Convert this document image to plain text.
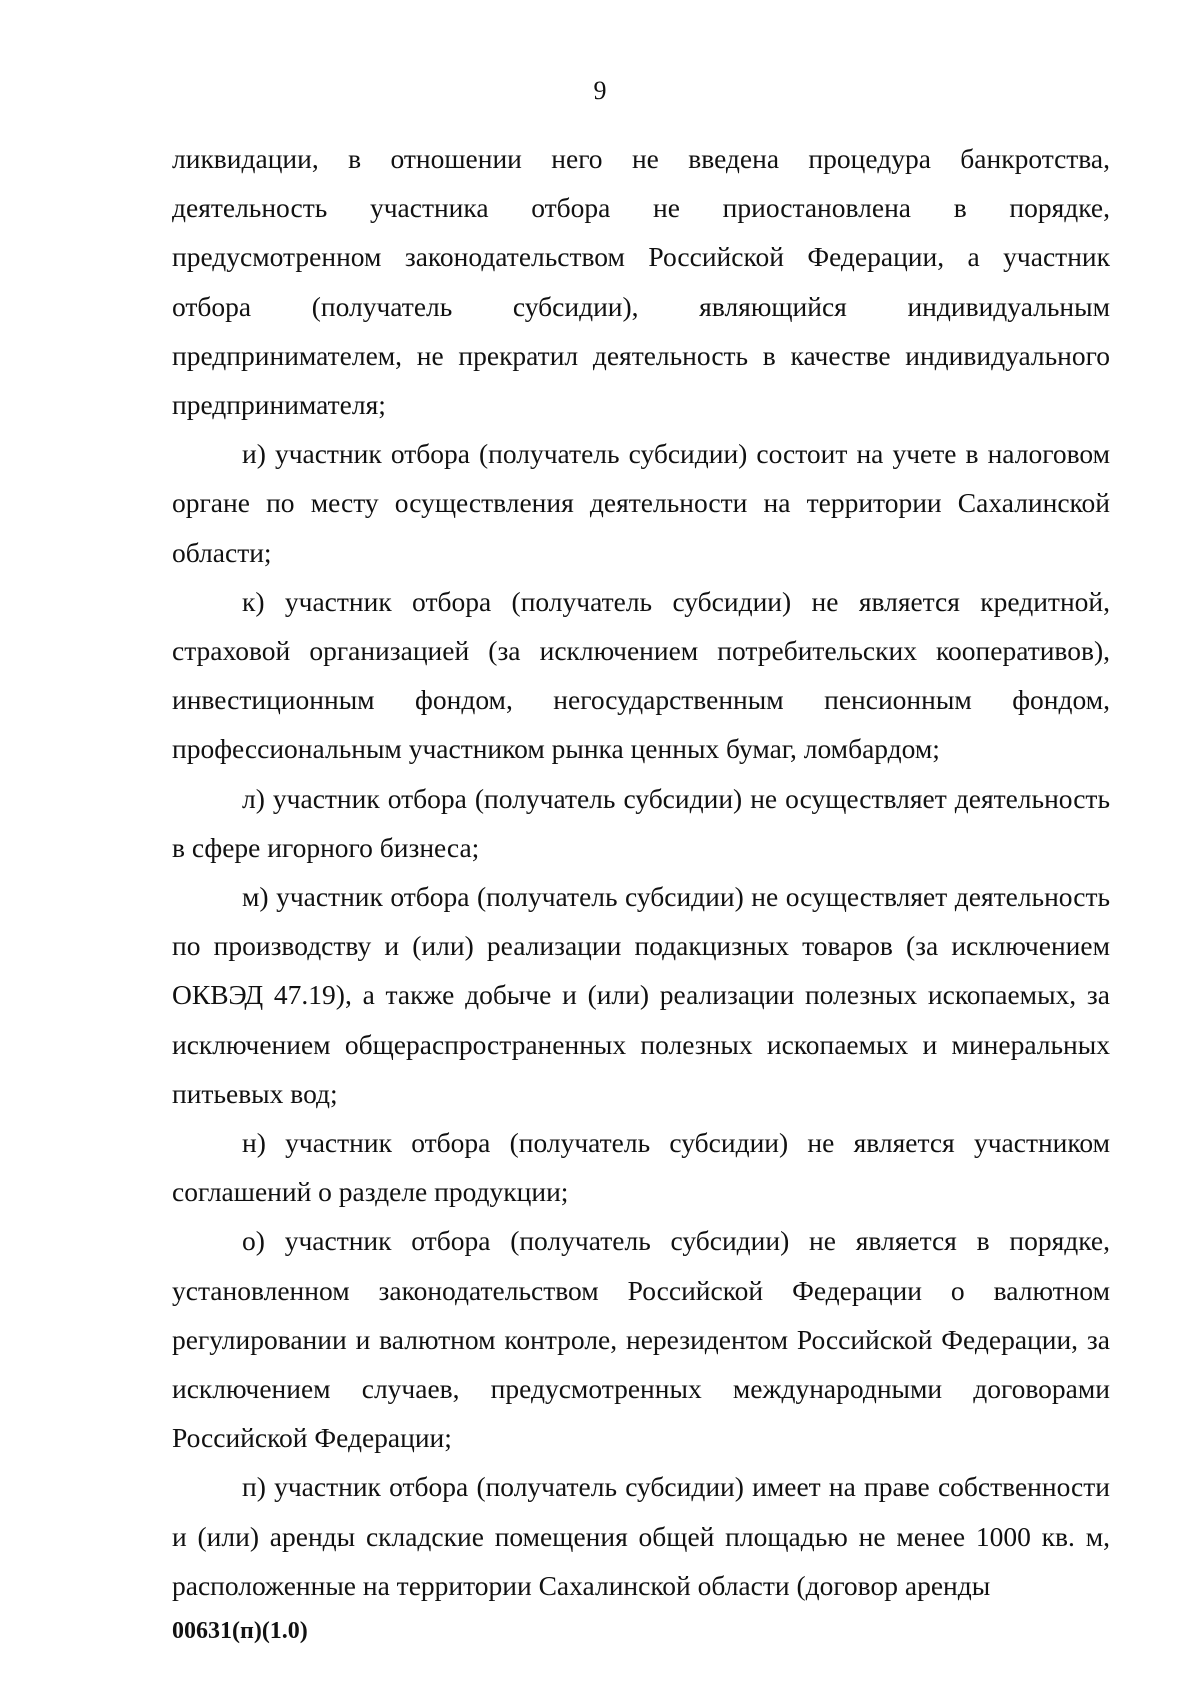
9

ликвидации, в отношении него не введена процедура банкротства, деятельность участника отбора не приостановлена в порядке, предусмотренном законодательством Российской Федерации, а участник отбора (получатель субсидии), являющийся индивидуальным предпринимателем, не прекратил деятельность в качестве индивидуального предпринимателя;

и) участник отбора (получатель субсидии) состоит на учете в налоговом органе по месту осуществления деятельности на территории Сахалинской области;

к) участник отбора (получатель субсидии) не является кредитной, страховой организацией (за исключением потребительских кооперативов), инвестиционным фондом, негосударственным пенсионным фондом, профессиональным участником рынка ценных бумаг, ломбардом;

л) участник отбора (получатель субсидии) не осуществляет деятельность в сфере игорного бизнеса;

м) участник отбора (получатель субсидии) не осуществляет деятельность по производству и (или) реализации подакцизных товаров (за исключением ОКВЭД 47.19), а также добыче и (или) реализации полезных ископаемых, за исключением общераспространенных полезных ископаемых и минеральных питьевых вод;

н) участник отбора (получатель субсидии) не является участником соглашений о разделе продукции;

о) участник отбора (получатель субсидии) не является в порядке, установленном законодательством Российской Федерации о валютном регулировании и валютном контроле, нерезидентом Российской Федерации, за исключением случаев, предусмотренных международными договорами Российской Федерации;

п) участник отбора (получатель субсидии) имеет на праве собственности и (или) аренды складские помещения общей площадью не менее 1000 кв. м, расположенные на территории Сахалинской области (договор аренды

00631(п)(1.0)
